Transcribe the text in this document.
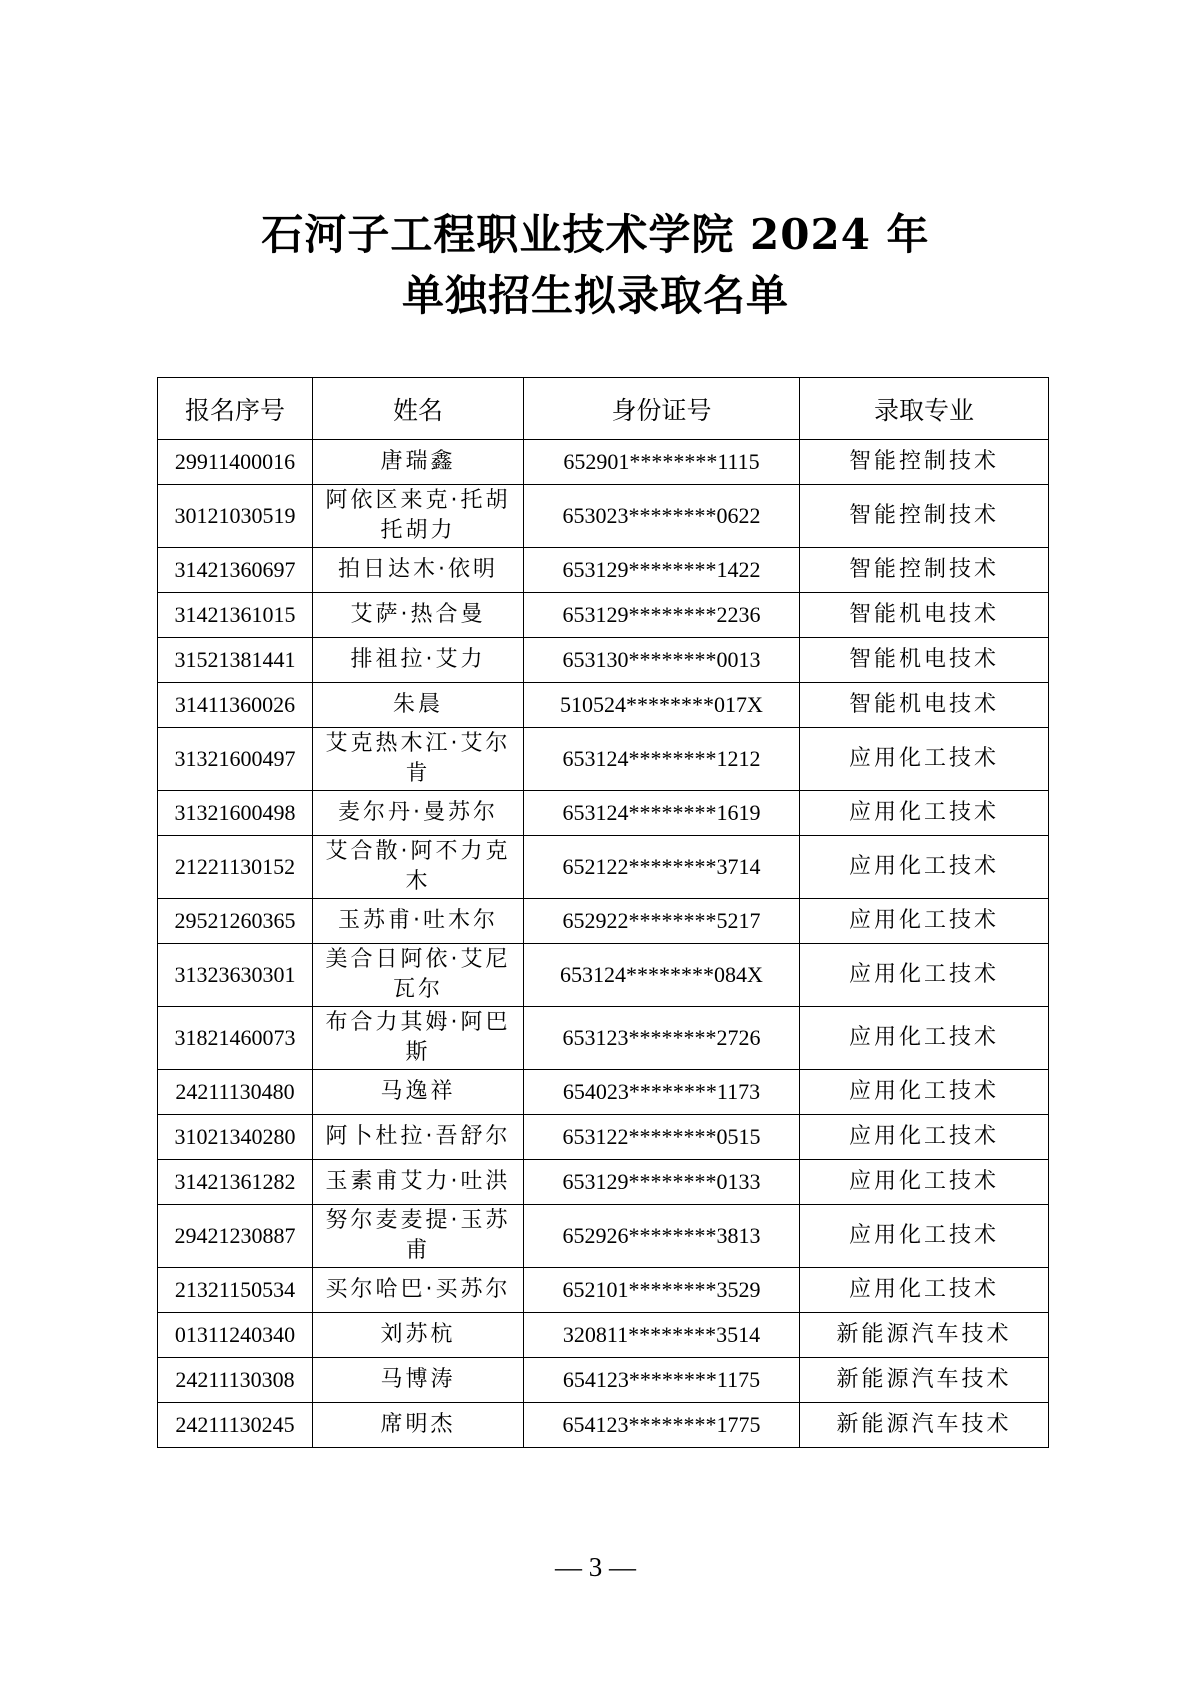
石河子工程职业技术学院 2024 年
单独招生拟录取名单
报名序号	姓名	身份证号	录取专业
29911400016	唐瑞鑫	652901********1115	智能控制技术
30121030519	阿依区来克·托胡托胡力	653023********0622	智能控制技术
31421360697	拍日达木·依明	653129********1422	智能控制技术
31421361015	艾萨·热合曼	653129********2236	智能机电技术
31521381441	排祖拉·艾力	653130********0013	智能机电技术
31411360026	朱晨	510524********017X	智能机电技术
31321600497	艾克热木江·艾尔肯	653124********1212	应用化工技术
31321600498	麦尔丹·曼苏尔	653124********1619	应用化工技术
21221130152	艾合散·阿不力克木	652122********3714	应用化工技术
29521260365	玉苏甫·吐木尔	652922********5217	应用化工技术
31323630301	美合日阿依·艾尼瓦尔	653124********084X	应用化工技术
31821460073	布合力其姆·阿巴斯	653123********2726	应用化工技术
24211130480	马逸祥	654023********1173	应用化工技术
31021340280	阿卜杜拉·吾舒尔	653122********0515	应用化工技术
31421361282	玉素甫艾力·吐洪	653129********0133	应用化工技术
29421230887	努尔麦麦提·玉苏甫	652926********3813	应用化工技术
21321150534	买尔哈巴·买苏尔	652101********3529	应用化工技术
01311240340	刘苏杭	320811********3514	新能源汽车技术
24211130308	马博涛	654123********1175	新能源汽车技术
24211130245	席明杰	654123********1775	新能源汽车技术
— 3 —
